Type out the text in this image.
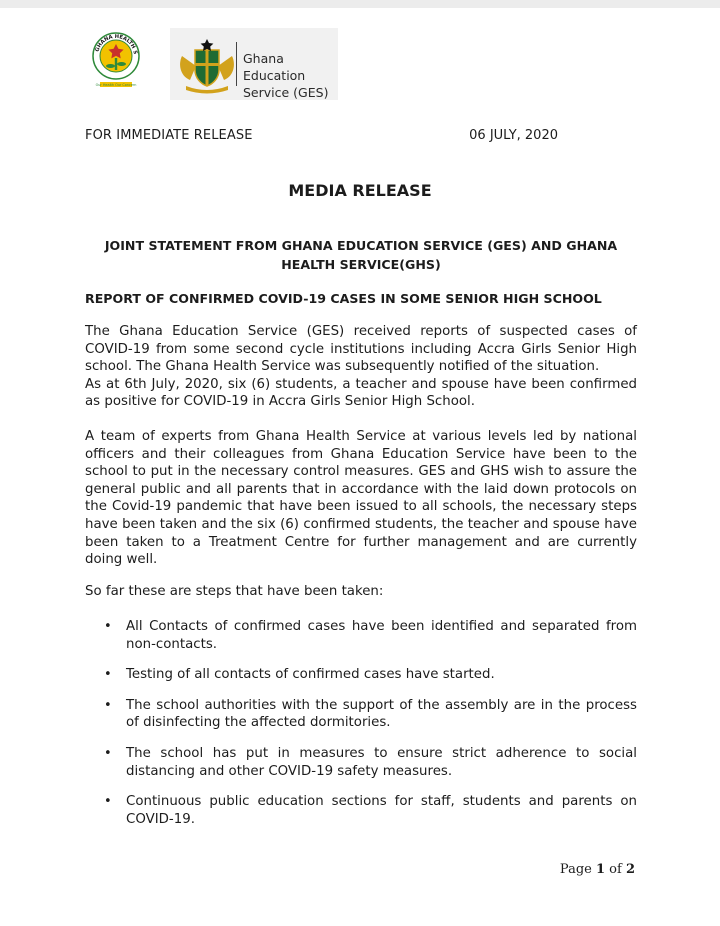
GHANA HEALTH S
Our Health Our Concern
Ghana Education
Service (GES)
FOR IMMEDIATE RELEASE	06 JULY, 2020
MEDIA RELEASE
JOINT STATEMENT FROM GHANA EDUCATION SERVICE (GES) AND GHANA HEALTH SERVICE(GHS)
REPORT OF CONFIRMED COVID-19 CASES IN SOME SENIOR HIGH SCHOOL
The Ghana Education Service (GES) received reports of suspected cases of COVID-19 from some second cycle institutions including Accra Girls Senior High school. The Ghana Health Service was subsequently notified of the situation.
As at 6th July, 2020, six (6) students, a teacher and spouse have been confirmed as positive for COVID-19 in Accra Girls Senior High School.
A team of experts from Ghana Health Service at various levels led by national officers and their colleagues from Ghana Education Service have been to the school to put in the necessary control measures. GES and GHS wish to assure the general public and all parents that in accordance with the laid down protocols on the Covid-19 pandemic that have been issued to all schools, the necessary steps have been taken and the six (6) confirmed students, the teacher and spouse have been taken to a Treatment Centre for further management and are currently doing well.
So far these are steps that have been taken:
• All Contacts of confirmed cases have been identified and separated from non-contacts.
• Testing of all contacts of confirmed cases have started.
• The school authorities with the support of the assembly are in the process of disinfecting the affected dormitories.
• The school has put in measures to ensure strict adherence to social distancing and other COVID-19 safety measures.
• Continuous public education sections for staff, students and parents on COVID-19.
Page 1 of 2
